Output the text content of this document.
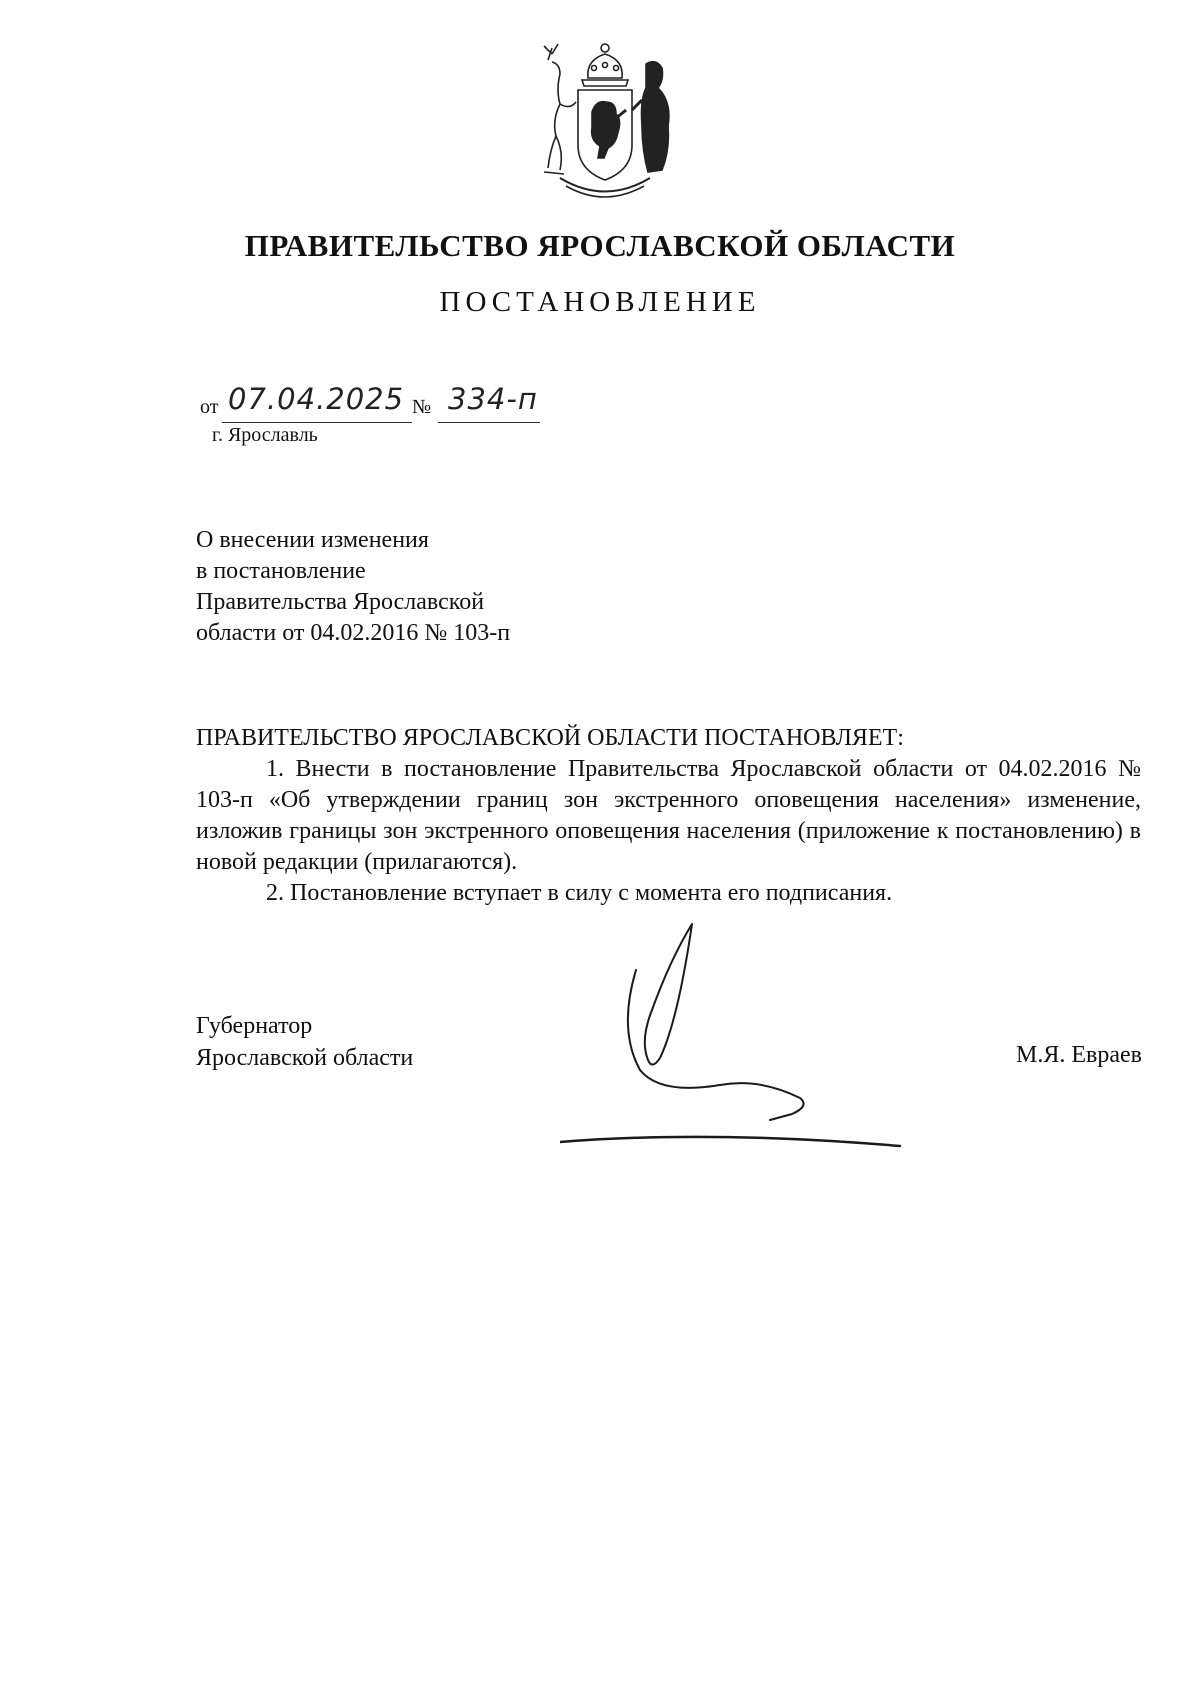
ПРАВИТЕЛЬСТВО ЯРОСЛАВСКОЙ ОБЛАСТИ
ПОСТАНОВЛЕНИЕ
от 07.04.2025 № 334-п
г. Ярославль
О внесении изменения
в постановление
Правительства Ярославской
области от 04.02.2016 № 103-п
ПРАВИТЕЛЬСТВО ЯРОСЛАВСКОЙ ОБЛАСТИ ПОСТАНОВЛЯЕТ:

1. Внести в постановление Правительства Ярославской области от 04.02.2016 № 103-п «Об утверждении границ зон экстренного оповещения населения» изменение, изложив границы зон экстренного оповещения населения (приложение к постановлению) в новой редакции (прилагаются).

2. Постановление вступает в силу с момента его подписания.

Губернатор
Ярославской области	М.Я. Евраев
